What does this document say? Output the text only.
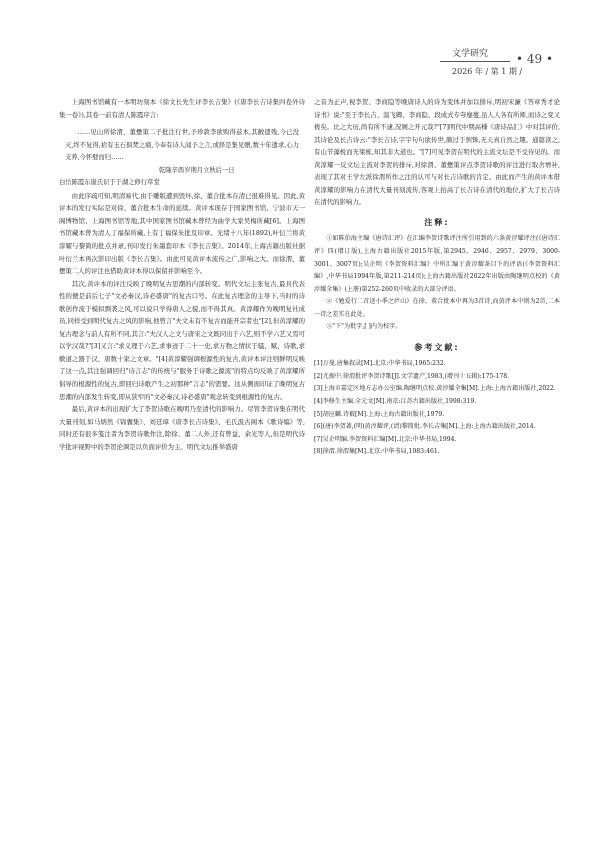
文学研究 • 49 •
2026 年 / 第 1 期 /

上海图书馆藏有一本明坊刻本《徐文长先生评李长吉集》(《唐李长吉诗集四卷外诗集一卷》),其卷一前有清人陈霞序言:

……见山所徐渭、董懋策二子批注行世,予珍敦李欲购得兹本,其敝遗残,今已没灭,终不复得,袷有玉石俱焚之痛,今奉有诗人闻予之言,或择是集见赠,数十年遗求,心力支养,今怀嬖而归……

乾隆辛酉岁荆月立秋后一日

白岳陈霞东崖氏识于于湖之修行草堂

由此序疏可知,明清易代,由于雕版遭到毁坏,徐、董合批本在清已很难得见。因此,黄评本的发行实际是对徐、董合批本生命的延续。黄评本现存于国家图书馆、宁波市天一阁博物馆、上海图书馆等地,其中国家图书馆藏本曾经为曲学大家吴梅所藏[6]。上海图书馆藏本曾为清人丁福保所藏,上有丁福保朱批及印章。光绪十八年(1892),叶衍兰将黄淳耀与黎简的批点并录,刊印发行朱墨套印本《李长吉集》。2014年,上海古籍出版社据叶衍兰本再次影印出版《李长吉集》。由此可见黄评本流传之广,影响之大。而徐渭、董懋策二人的评注也借助黄评本得以保留并影响至今。

其次,黄评本的评注反映了晚明复古思潮的内部转变。明代文坛主张复古,最具代表性的便是前后七子"文必秦汉,诗必盛唐"的复古口号。在此复古理念的主导下,当时的诗歌创作流于模拟剽袭之风,可以说只学得唐人之貌,而不得其真。黄淳耀作为晚明复社成员,同样受到明代复古之风的影响,他曾言"夫文未有不复古而能开宗者也"[2],但黄淳耀的复古理念与前人有所不同,其言:"夫汉人之文与唐宋之文既同出于六艺,则不学六艺又焉可以学汉哉?"[3]又言:"求义理于六艺,求事迹于二十一史,求万物之情状于骚、赋、诗歌,求敷道之器于汉、唐数十家之文章。"[4]黄淳耀强调根源性的复古,黄评本评注则鲜明反映了这一点,其注强调回归"诗言志"的传统与"服务于诗歌之源流"的特点均反映了黄淳耀所倡导的根源性的复古,即回归诗歌产生之初那种"言志"的需要。这从侧面印证了晚明复古思潮的内部发生转变,即从狭窄的"文必秦汉,诗必盛唐"观念转变到根源性的复古。

最后,黄评本的出现扩大了李贺诗歌在晚明乃至清代的影响力。尽管李贺诗集在明代大量刊刻,如马炳然《锦囊集》、刘廷璋《唐李长吉诗集》、毛氏汲古阁本《歌诗编》等,同时还有很多笺注者为李贺诗歌作注,除徐、董二人外,还有曾益、余光等人,但是明代诗学批评视野中的李贺论调是以负面评价为主。明代文坛推举盛唐

之音为正声,视李贺、李商隐等晚唐诗人的诗为变体并加以排斥,明初宋濂《答章秀才论诗书》说:"至于李长吉、温飞卿、李商隐、段成式专夸靡蔓,虽人人各有所师,而诗之变又极矣。比之大历,尚有所不逮,况厕之开元哉?"[7]明代中期高棅《唐诗品汇》中对其评价,其诗论及长吉诗云:"李长吉诗,字字句句欲传世,颇过于刿铢,无天真自然之趣。通篇读之,有山节藻棁而无梁栋,知其非大道也。"[7]可见李贺在明代的主流文坛是不受待见的。而黄淳耀一反文坛主流对李贺的排斥,对徐渭、董懋策评点李贺诗歌的评注进行取舍增补,表现了其对王学左派徐渭所作之注的认可与对长吉诗歌的肯定。由此而产生的黄评本借黄淳耀的影响力在清代大量刊刻流传,客观上抬高了长吉诗在清代的地位,扩大了长吉诗在清代的影响力。

注释:

①如陈伯海主编《唐诗汇评》在汇编李贺诗歌评注所引用到的六条黄淳耀评注(《唐诗汇评》四(增订版),上海古籍出版社2015年版,第2945、2946、2957、2979、3000-3001、3007页);吴企明《李贺资料汇编》中所汇编于黄淳耀条目下的评语(《李贺资料汇编》,中华书局1994年版,第211-214页);上海古籍出版社2022年出版由陶继明点校的《黄淳耀全集》(上册)第252-260页中收录的大部分评语。

②《勉爱行二首送小季之庐山》在徐、董合批本中再为3首诗,而黄评本中则为2首,二本一诗之差实在此处。

③"下"为批字,[ ]内为校字。

参考文献:

[1]万曼.唐集叙录[M].北京:中华书局,1965:232.

[2]尤振中.徐渭批评李贺诗歌[J].文学遗产,1983,(增刊十五辑):175-178.

[3]上海市嘉定区地方志办公室编.陶继明点校.黄淳耀全集[M].上海:上海古籍出版社,2022.

[4]李修生主编.全元文[M].南京:江苏古籍出版社,1998:319.

[5]胡应麟.诗薮[M].上海:上海古籍出版社,1979.

[6](唐)李贺著,(明)黄淳耀评,(清)黎简批.李长吉集[M].上海:上海古籍出版社,2014.

[7]吴企明编.李贺资料汇编[M].北京:中华书局,1994.

[8]徐渭.徐渭集[M].北京:中华书局,1983:461.
